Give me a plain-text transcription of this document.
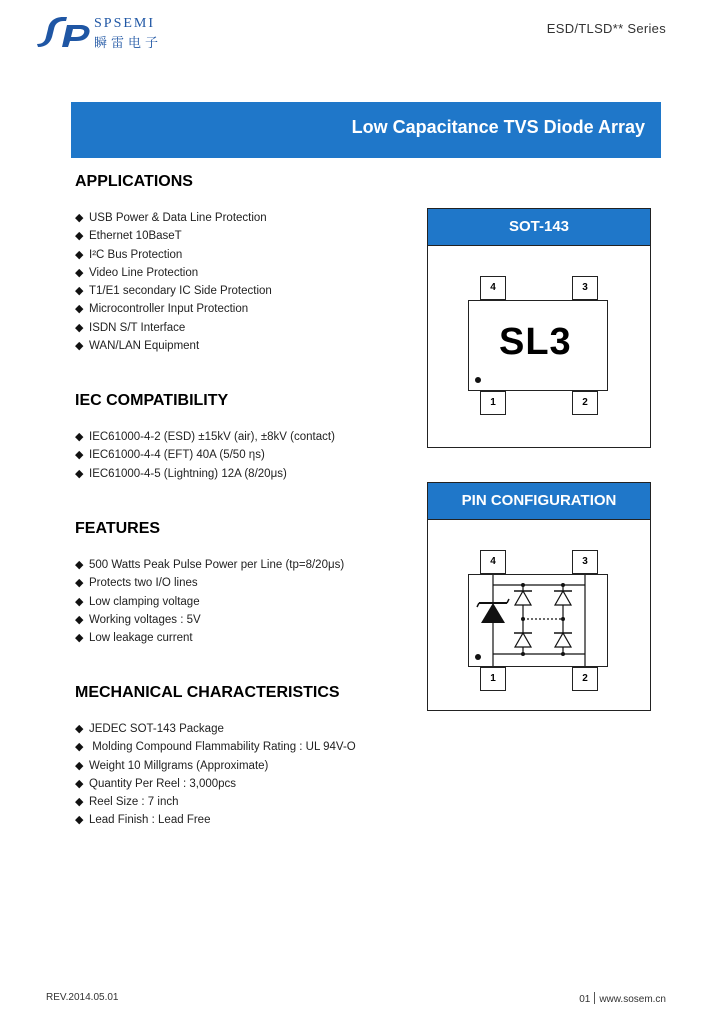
SPSEMI
瞬雷电子
ESD/TLSD** Series
Low Capacitance TVS Diode Array
APPLICATIONS
◆ USB Power & Data Line Protection
◆ Ethernet 10BaseT
◆ I²C Bus Protection
◆ Video Line Protection
◆ T1/E1 secondary IC Side Protection
◆ Microcontroller Input Protection
◆ ISDN S/T Interface
◆ WAN/LAN Equipment
IEC COMPATIBILITY
◆ IEC61000-4-2 (ESD) ±15kV (air), ±8kV (contact)
◆ IEC61000-4-4 (EFT) 40A (5/50 ηs)
◆ IEC61000-4-5 (Lightning) 12A (8/20μs)
FEATURES
◆ 500 Watts Peak Pulse Power per Line (tp=8/20μs)
◆ Protects two I/O lines
◆ Low clamping voltage
◆ Working voltages : 5V
◆ Low leakage current
MECHANICAL CHARACTERISTICS
◆ JEDEC SOT-143 Package
◆ Molding Compound Flammability Rating : UL 94V-O
◆ Weight 10 Millgrams (Approximate)
◆ Quantity Per Reel : 3,000pcs
◆ Reel Size : 7 inch
◆ Lead Finish : Lead Free
SOT-143
4	3
SL3
1	2
PIN CONFIGURATION
4	3
1	2
REV.2014.05.01	01 www.sosem.cn
